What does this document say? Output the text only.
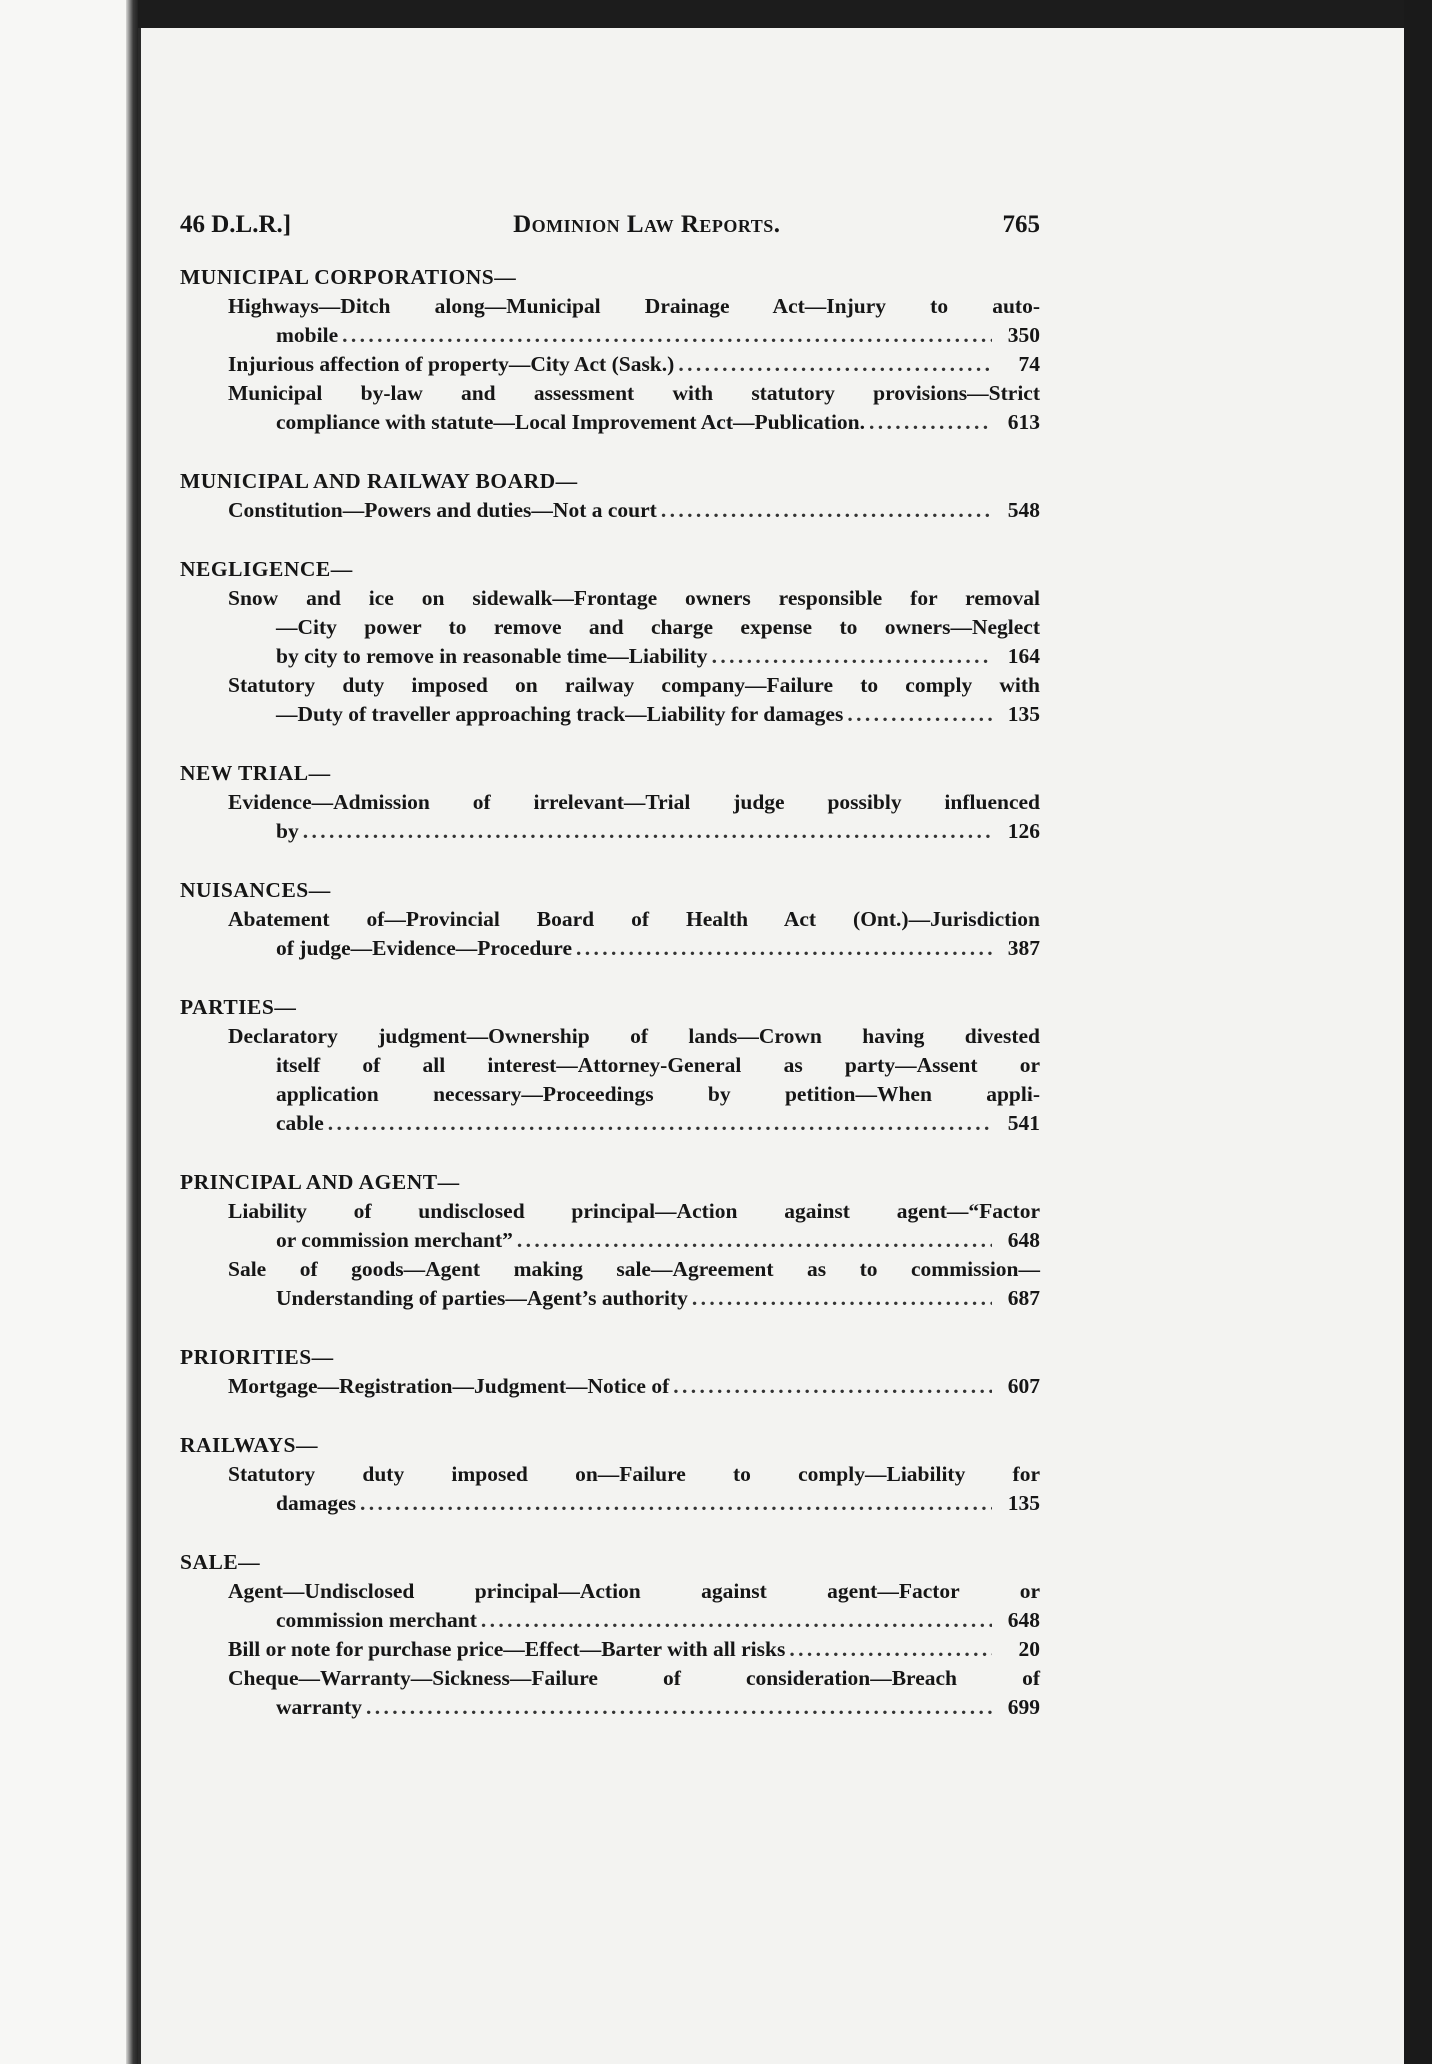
46 D.L.R.]	Dominion Law Reports.	765
MUNICIPAL CORPORATIONS—
Highways—Ditch along—Municipal Drainage Act—Injury to auto-
mobile . . .	350
Injurious affection of property—City Act (Sask.) . . .	74
Municipal by-law and assessment with statutory provisions—Strict
compliance with statute—Local Improvement Act—Publication. . . .	613
MUNICIPAL AND RAILWAY BOARD—
Constitution—Powers and duties—Not a court . . .	548
NEGLIGENCE—
Snow and ice on sidewalk—Frontage owners responsible for removal
—City power to remove and charge expense to owners—Neglect
by city to remove in reasonable time—Liability . . .	164
Statutory duty imposed on railway company—Failure to comply with
—Duty of traveller approaching track—Liability for damages . . .	135
NEW TRIAL—
Evidence—Admission of irrelevant—Trial judge possibly influenced
by . . .	126
NUISANCES—
Abatement of—Provincial Board of Health Act (Ont.)—Jurisdiction
of judge—Evidence—Procedure . . .	387
PARTIES—
Declaratory judgment—Ownership of lands—Crown having divested
itself of all interest—Attorney-General as party—Assent or
application necessary—Proceedings by petition—When appli-
cable . . .	541
PRINCIPAL AND AGENT—
Liability of undisclosed principal—Action against agent—“Factor
or commission merchant” . . .	648
Sale of goods—Agent making sale—Agreement as to commission—
Understanding of parties—Agent’s authority . . .	687
PRIORITIES—
Mortgage—Registration—Judgment—Notice of . . .	607
RAILWAYS—
Statutory duty imposed on—Failure to comply—Liability for
damages . . .	135
SALE—
Agent—Undisclosed principal—Action against agent—Factor or
commission merchant . . .	648
Bill or note for purchase price—Effect—Barter with all risks . . .	20
Cheque—Warranty—Sickness—Failure of consideration—Breach of
warranty . . .	699
